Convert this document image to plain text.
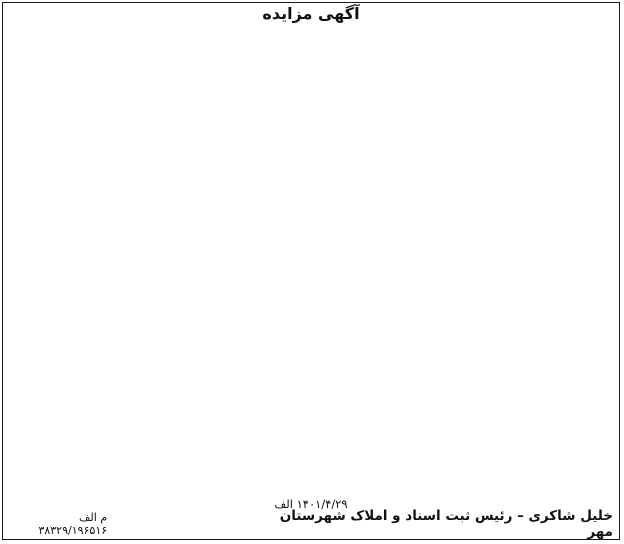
آگهی مزایده
۱۴۰۱/۴/۲۹ الف
خلیل شاکری – رئیس ثبت اسناد و املاک شهرستان مهر
م الف ۳۸۳۲۹/۱۹۶۵۱۶
